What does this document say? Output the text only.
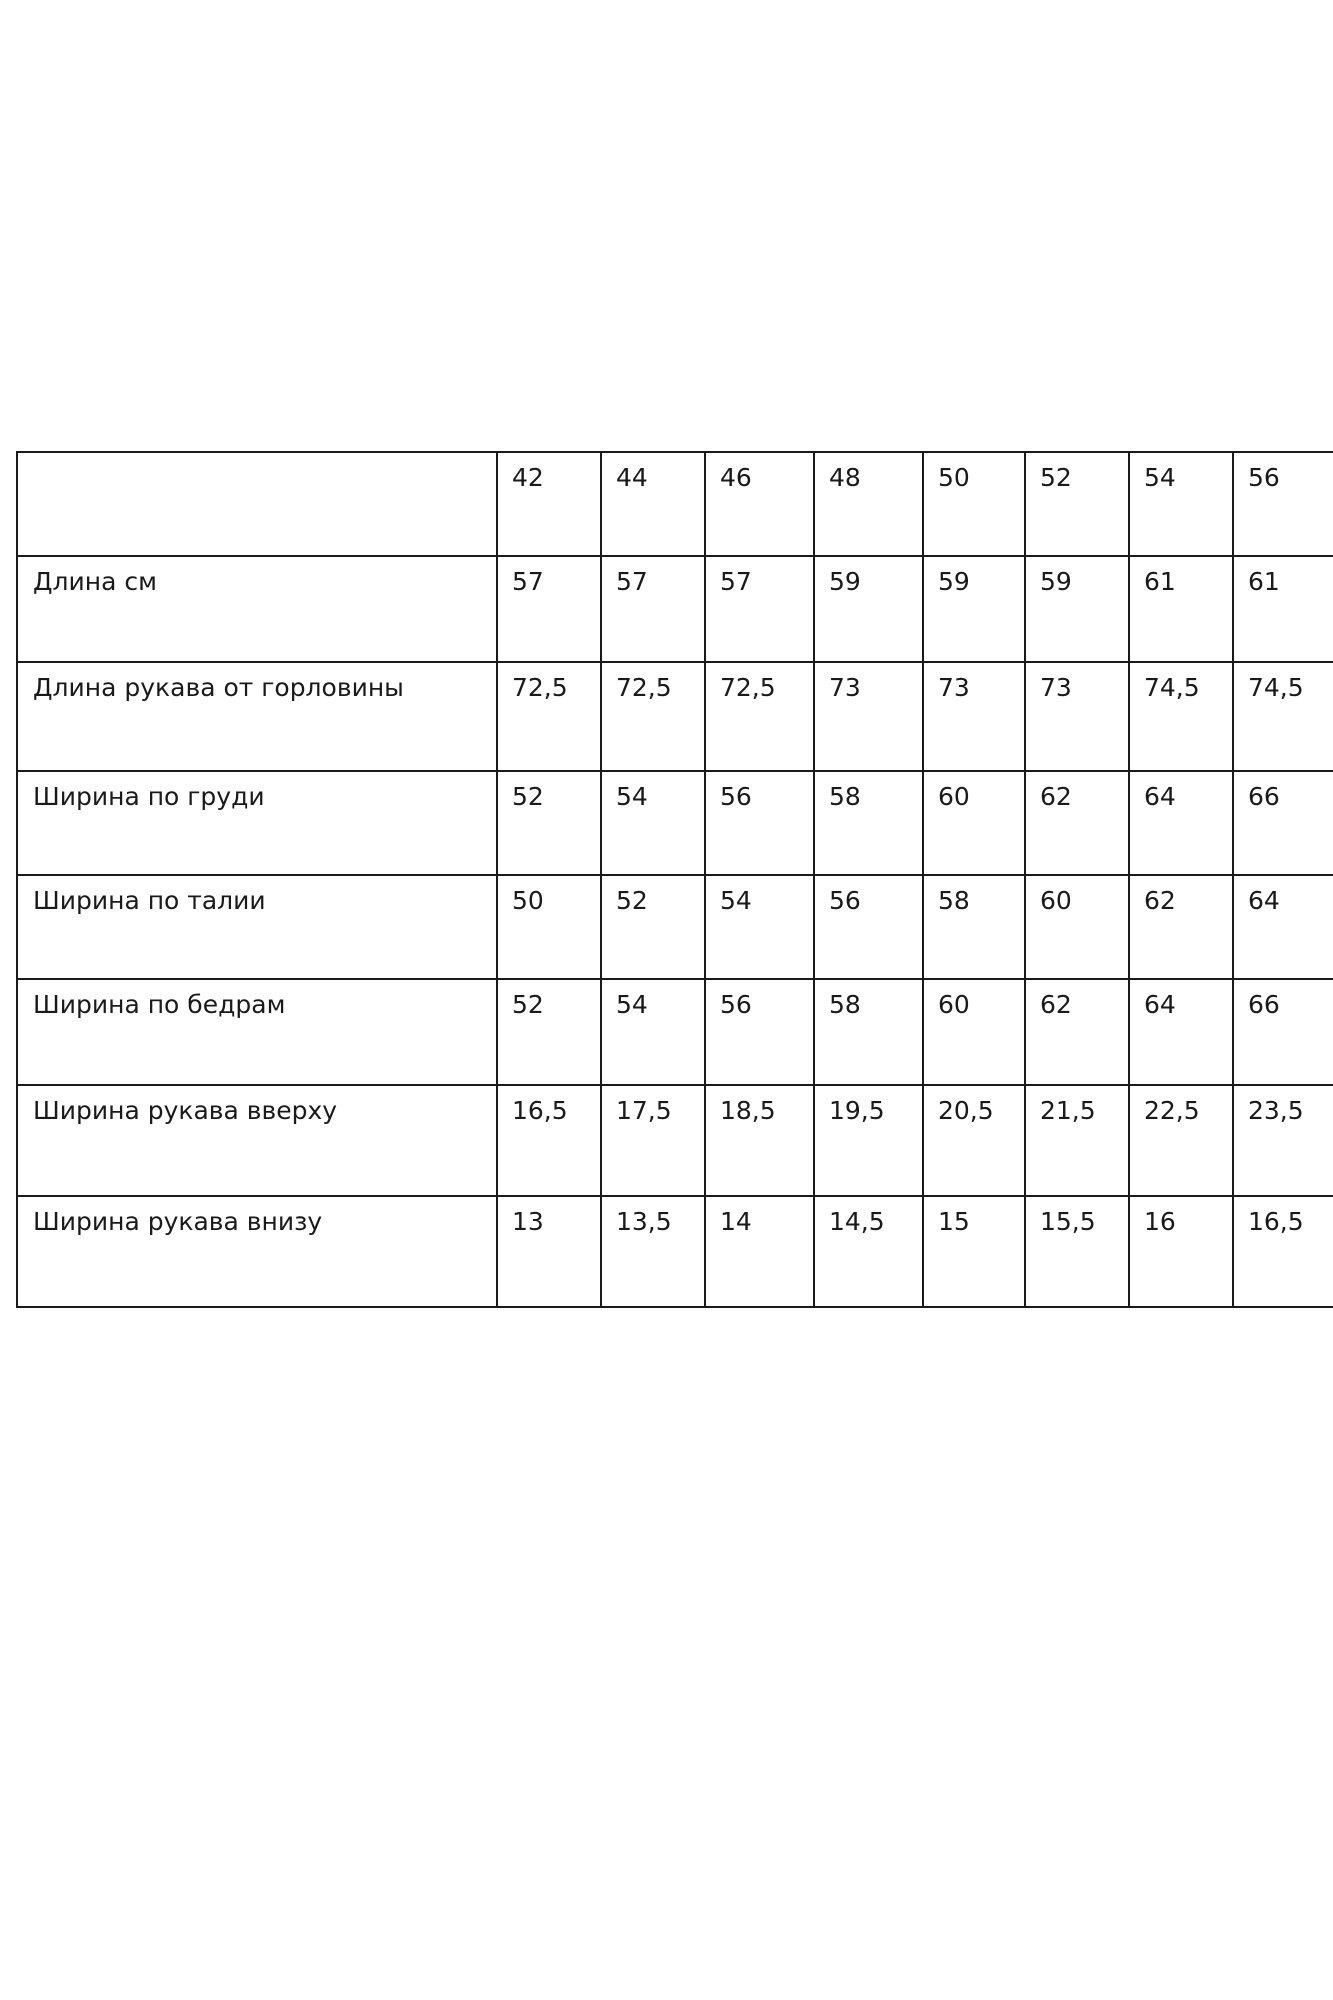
	42	44	46	48	50	52	54	56
Длина см	57	57	57	59	59	59	61	61
Длина рукава от горловины	72,5	72,5	72,5	73	73	73	74,5	74,5
Ширина по груди	52	54	56	58	60	62	64	66
Ширина по талии	50	52	54	56	58	60	62	64
Ширина по бедрам	52	54	56	58	60	62	64	66
Ширина рукава вверху	16,5	17,5	18,5	19,5	20,5	21,5	22,5	23,5
Ширина рукава внизу	13	13,5	14	14,5	15	15,5	16	16,5
